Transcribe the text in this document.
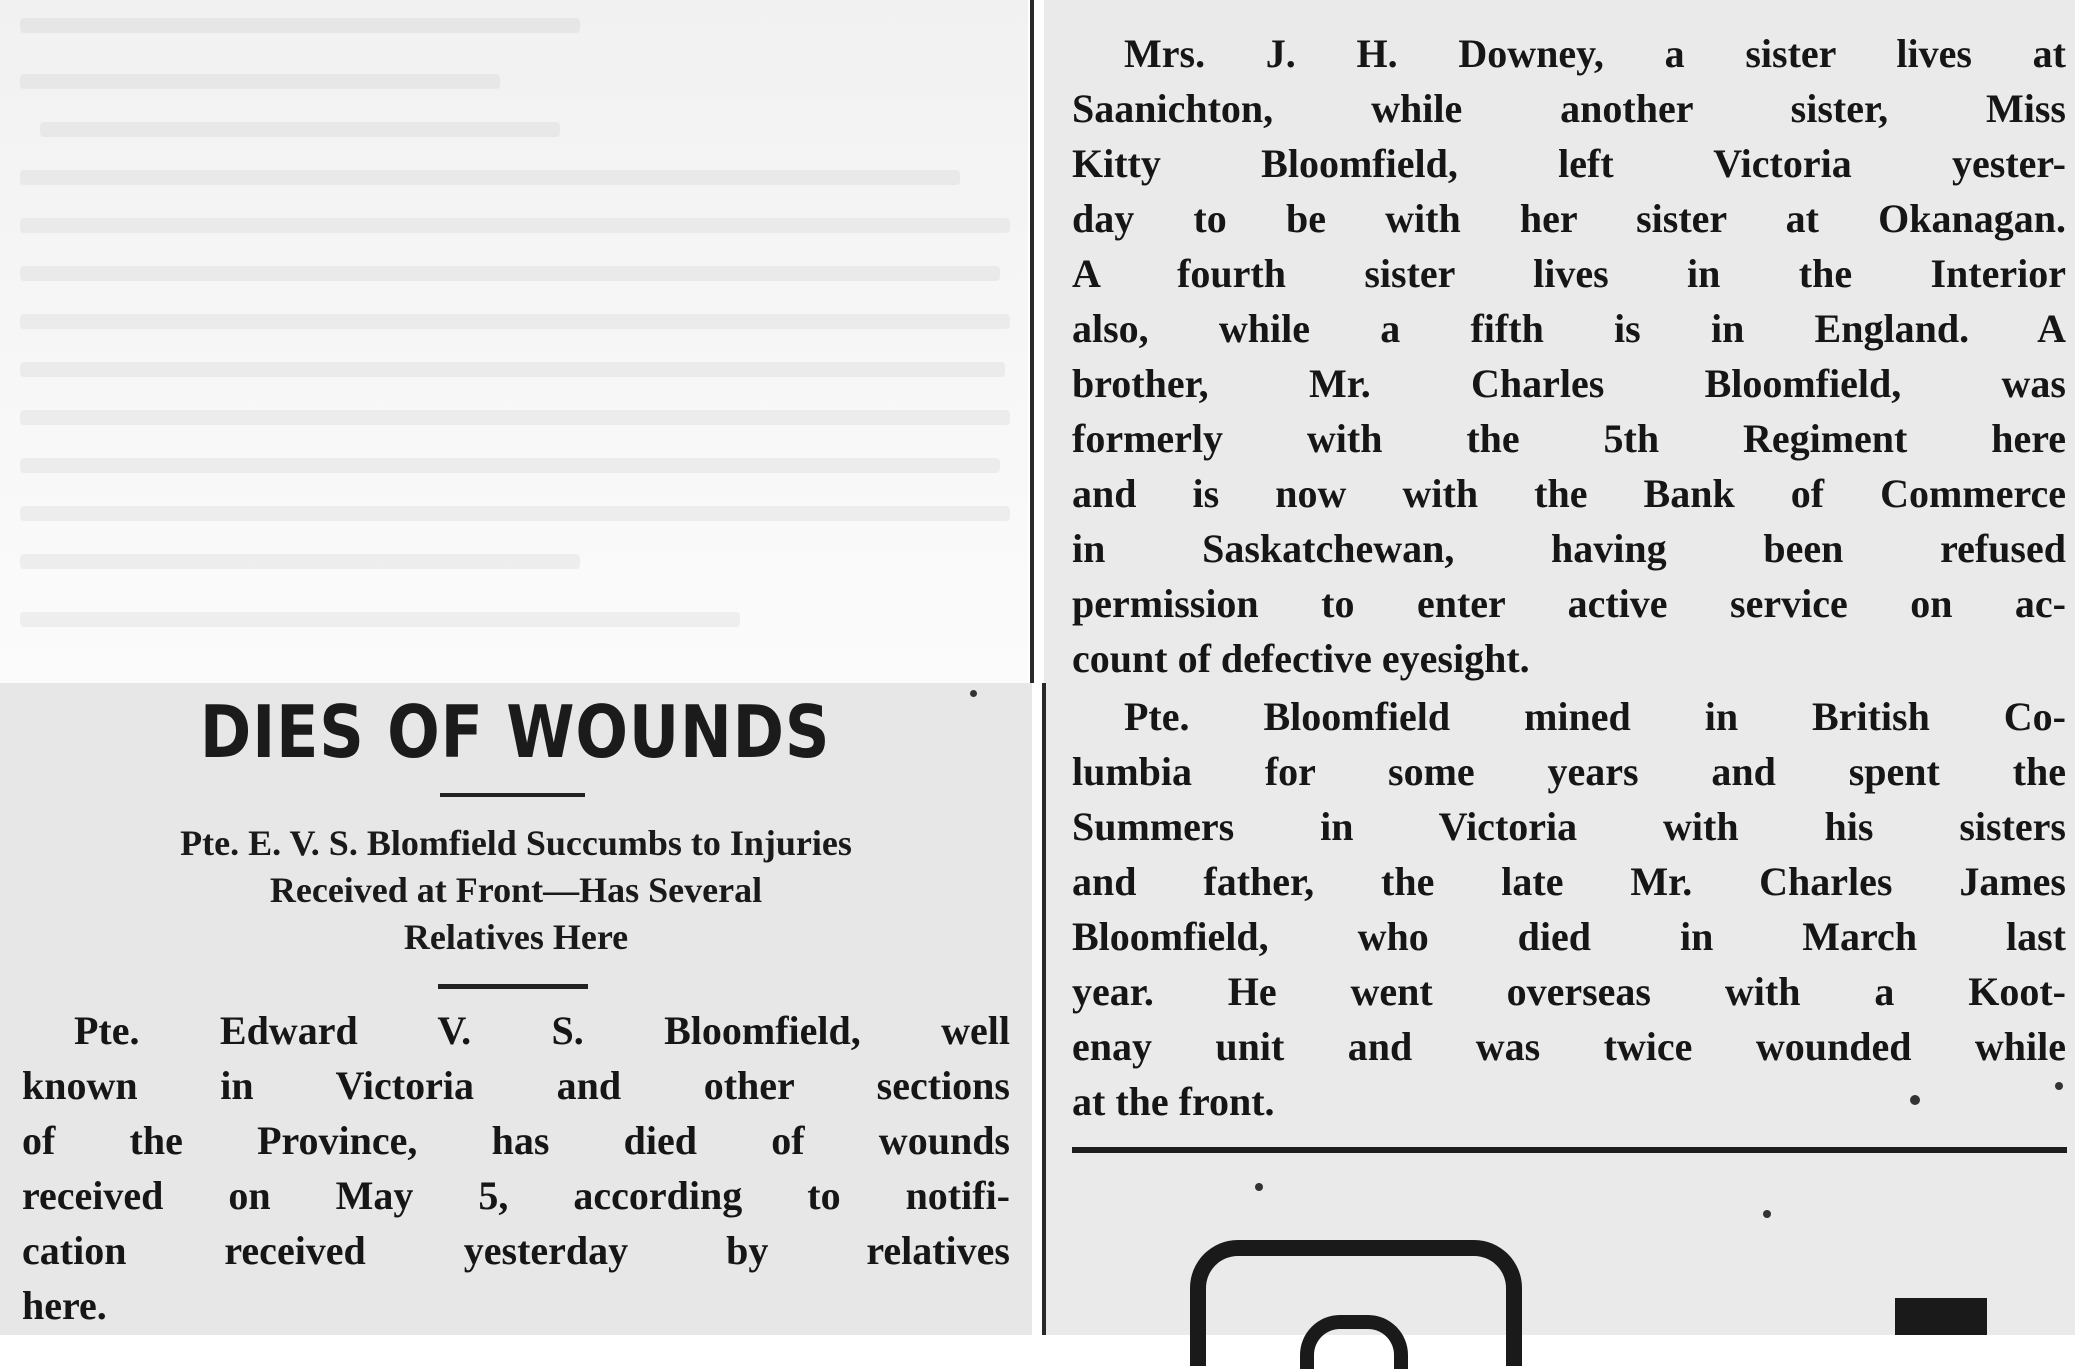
DIES OF WOUNDS
Pte. E. V. S. Blomfield Succumbs to Injuries
Received at Front—Has Several
Relatives Here
Pte. Edward V. S. Bloomfield, well
known in Victoria and other sections
of the Province, has died of wounds
received on May 5, according to notifi-
cation received yesterday by relatives
here.
Mrs. J. H. Downey, a sister lives at
Saanichton, while another sister, Miss
Kitty Bloomfield, left Victoria yester-
day to be with her sister at Okanagan.
A fourth sister lives in the Interior
also, while a fifth is in England. A
brother, Mr. Charles Bloomfield, was
formerly with the 5th Regiment here
and is now with the Bank of Commerce
in Saskatchewan, having been refused
permission to enter active service on ac-
count of defective eyesight.
Pte. Bloomfield mined in British Co-
lumbia for some years and spent the
Summers in Victoria with his sisters
and father, the late Mr. Charles James
Bloomfield, who died in March last
year. He went overseas with a Koot-
enay unit and was twice wounded while
at the front.
